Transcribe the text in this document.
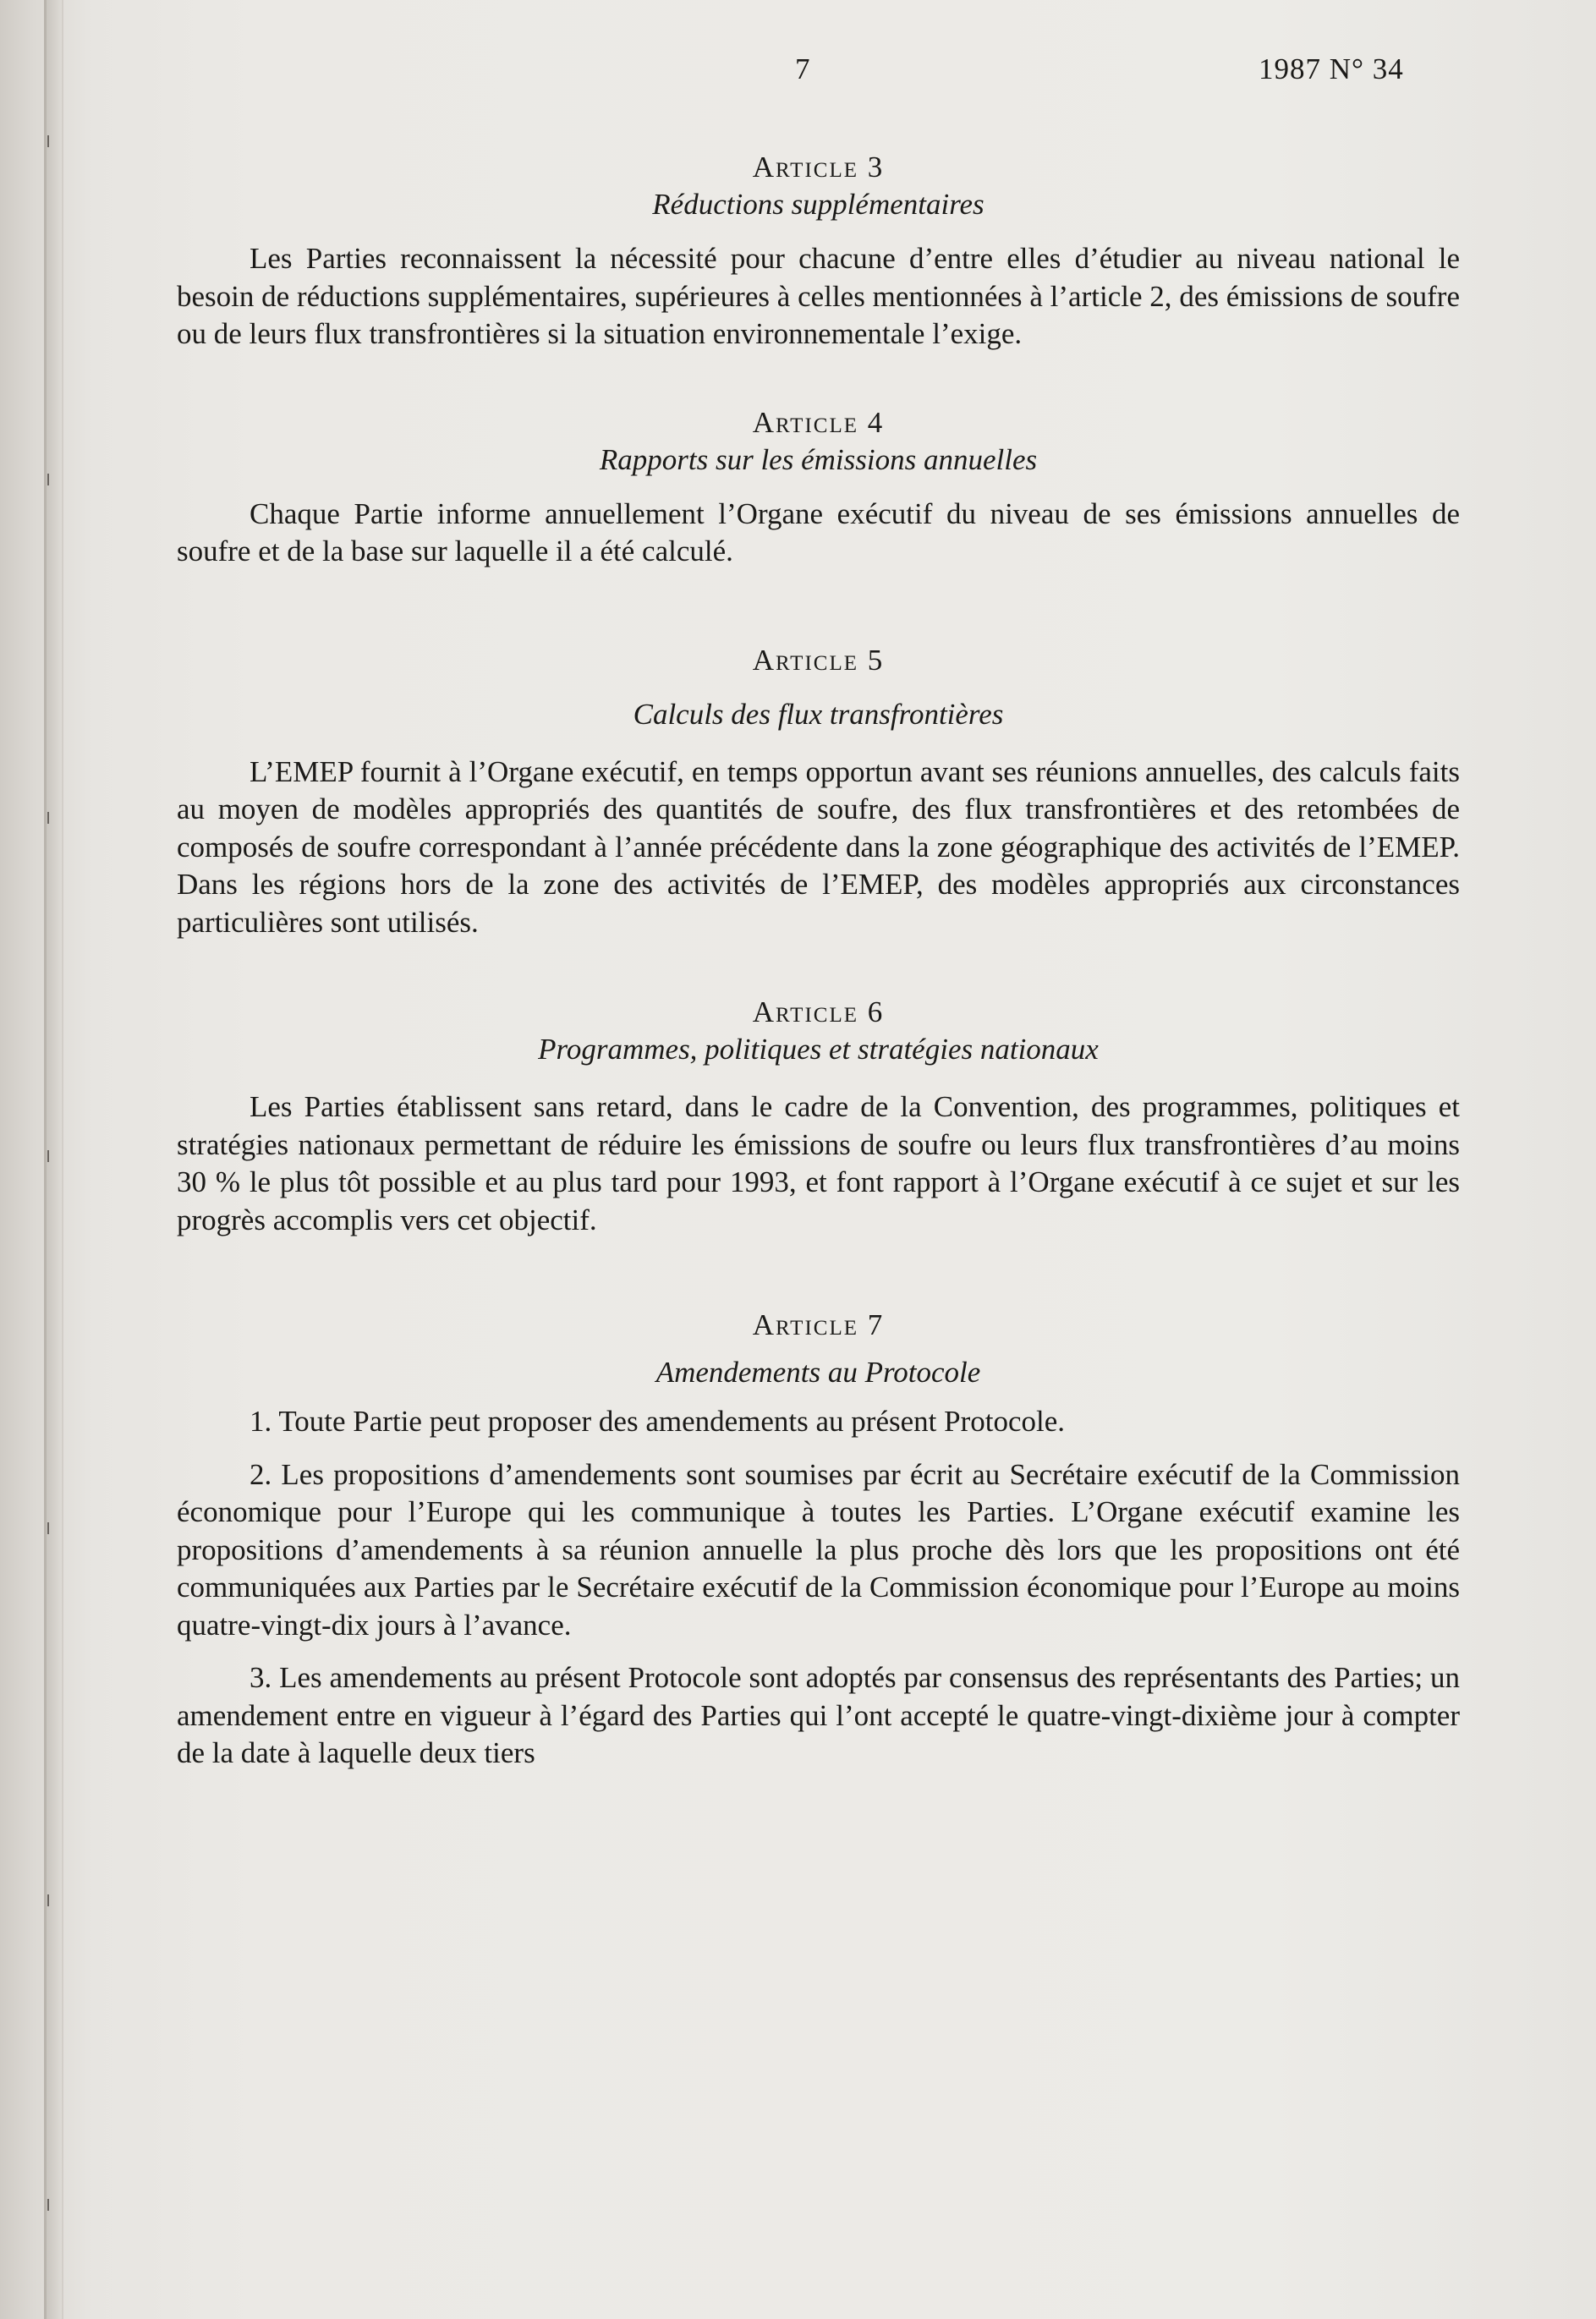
7	1987 N° 34

Article 3

Réductions supplémentaires

Les Parties reconnaissent la nécessité pour chacune d’entre elles d’étudier au niveau national le besoin de réductions supplémentaires, supérieures à celles mentionnées à l’article 2, des émissions de soufre ou de leurs flux transfrontières si la situation environnementale l’exige.

Article 4

Rapports sur les émissions annuelles

Chaque Partie informe annuellement l’Organe exécutif du niveau de ses émissions annuelles de soufre et de la base sur laquelle il a été calculé.

Article 5

Calculs des flux transfrontières

L’EMEP fournit à l’Organe exécutif, en temps opportun avant ses réunions annuelles, des calculs faits au moyen de modèles appropriés des quantités de soufre, des flux transfrontières et des retombées de composés de soufre correspondant à l’année précédente dans la zone géographique des activités de l’EMEP. Dans les régions hors de la zone des activités de l’EMEP, des modèles appropriés aux circonstances particulières sont utilisés.

Article 6

Programmes, politiques et stratégies nationaux

Les Parties établissent sans retard, dans le cadre de la Convention, des programmes, politiques et stratégies nationaux permettant de réduire les émissions de soufre ou leurs flux transfrontières d’au moins 30 % le plus tôt possible et au plus tard pour 1993, et font rapport à l’Organe exécutif à ce sujet et sur les progrès accomplis vers cet objectif.

Article 7

Amendements au Protocole

1. Toute Partie peut proposer des amendements au présent Protocole.

2. Les propositions d’amendements sont soumises par écrit au Secrétaire exécutif de la Commission économique pour l’Europe qui les communique à toutes les Parties. L’Organe exécutif examine les propositions d’amendements à sa réunion annuelle la plus proche dès lors que les propositions ont été communiquées aux Parties par le Secrétaire exécutif de la Commission économique pour l’Europe au moins quatre-vingt-dix jours à l’avance.

3. Les amendements au présent Protocole sont adoptés par consensus des représentants des Parties; un amendement entre en vigueur à l’égard des Parties qui l’ont accepté le quatre-vingt-dixième jour à compter de la date à laquelle deux tiers
